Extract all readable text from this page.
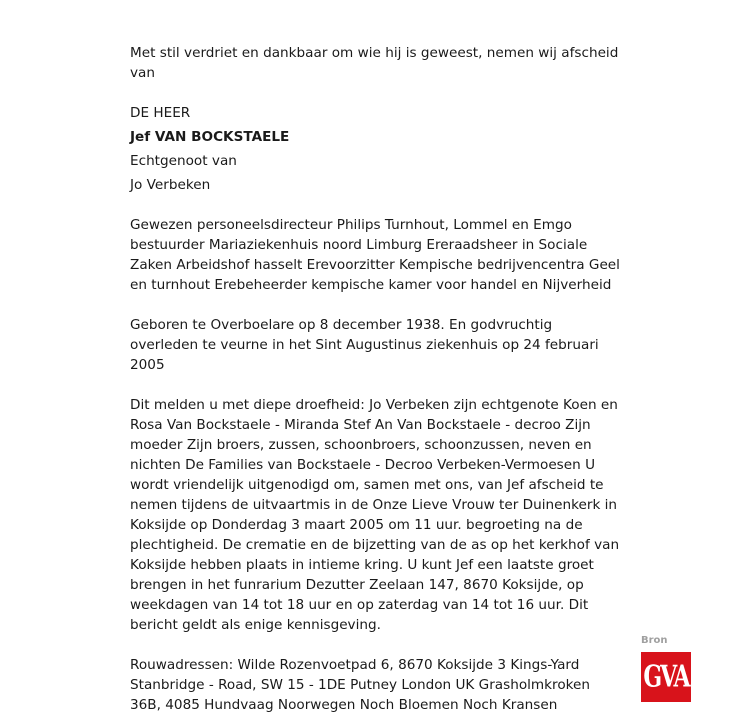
Met stil verdriet en dankbaar om wie hij is geweest, nemen wij afscheid van

DE HEER

Jef VAN BOCKSTAELE

Echtgenoot van

Jo Verbeken

Gewezen personeelsdirecteur Philips Turnhout, Lommel en Emgo bestuurder Mariaziekenhuis noord Limburg Ereraadsheer in Sociale Zaken Arbeidshof hasselt Erevoorzitter Kempische bedrijvencentra Geel en turnhout Erebeheerder kempische kamer voor handel en Nijverheid

Geboren te Overboelare op 8 december 1938. En godvruchtig overleden te veurne in het Sint Augustinus ziekenhuis op 24 februari 2005

Dit melden u met diepe droefheid: Jo Verbeken zijn echtgenote Koen en Rosa Van Bockstaele - Miranda Stef An Van Bockstaele - decroo Zijn moeder Zijn broers, zussen, schoonbroers, schoonzussen, neven en nichten De Families van Bockstaele - Decroo Verbeken-Vermoesen U wordt vriendelijk uitgenodigd om, samen met ons, van Jef afscheid te nemen tijdens de uitvaartmis in de Onze Lieve Vrouw ter Duinenkerk in Koksijde op Donderdag 3 maart 2005 om 11 uur. begroeting na de plechtigheid. De crematie en de bijzetting van de as op het kerkhof van Koksijde hebben plaats in intieme kring. U kunt Jef een laatste groet brengen in het funrarium Dezutter Zeelaan 147, 8670 Koksijde, op weekdagen van 14 tot 18 uur en op zaterdag van 14 tot 16 uur. Dit bericht geldt als enige kennisgeving.

Rouwadressen: Wilde Rozenvoetpad 6, 8670 Koksijde 3 Kings-Yard Stanbridge - Road, SW 15 - 1DE Putney London UK Grasholmkroken 36B, 4085 Hundvaag Noorwegen Noch Bloemen Noch Kransen

Bron

GVA
